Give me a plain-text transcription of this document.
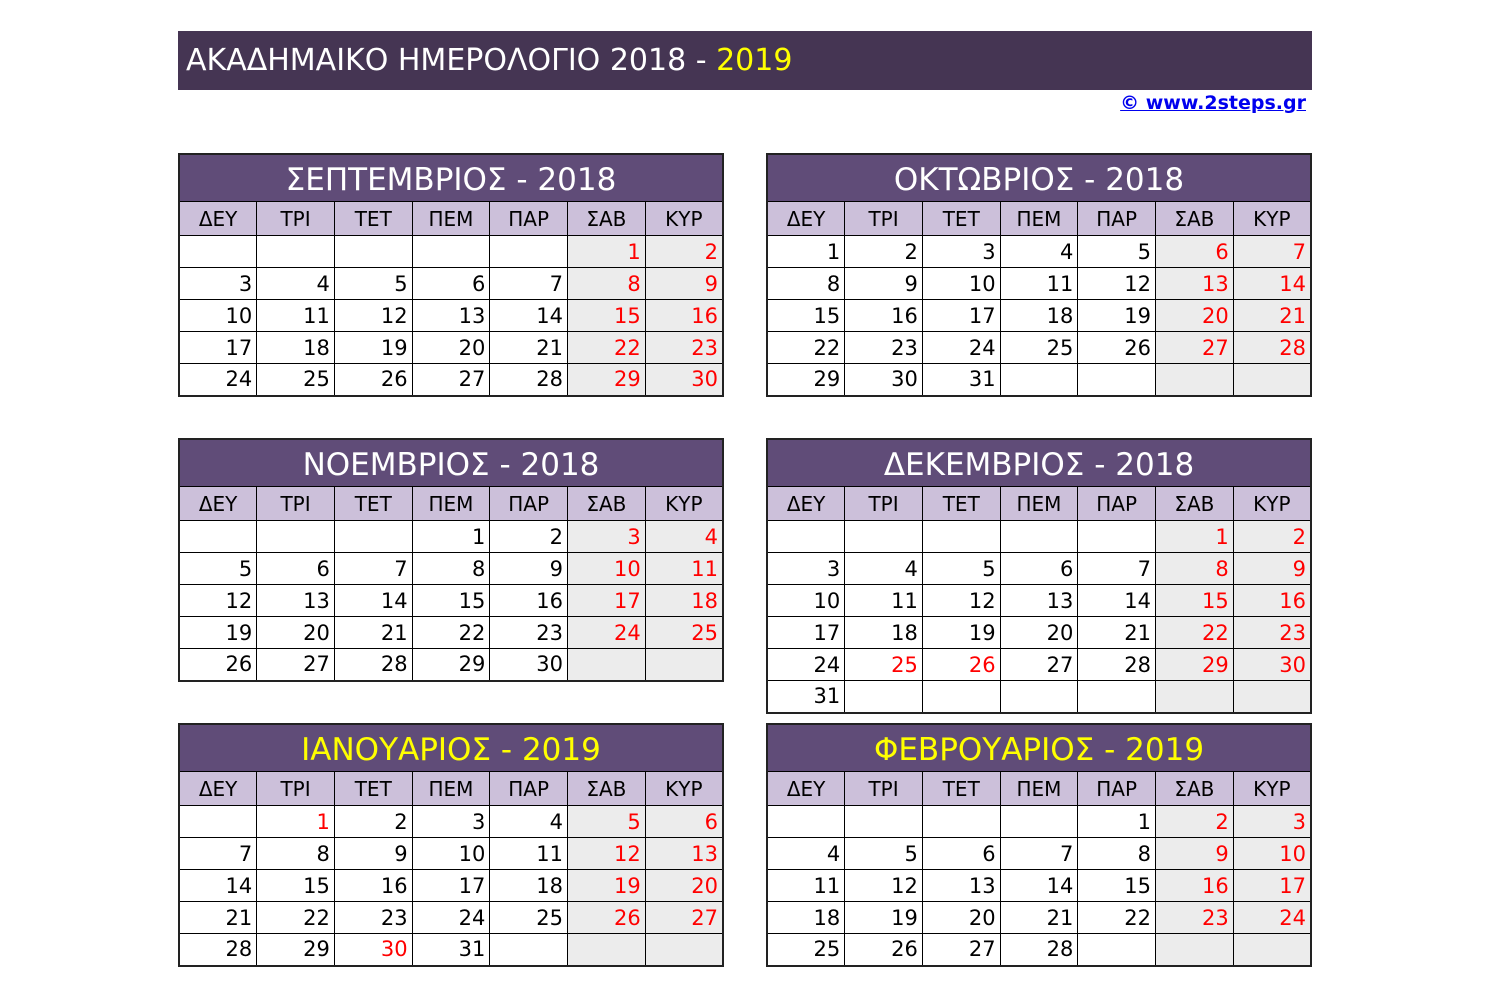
ΑΚΑΔΗΜΑΙΚΟ ΗΜΕΡΟΛΟΓΙΟ 2018 - 2019
© www.2steps.gr
ΣΕΠΤΕΜΒΡΙΟΣ - 2018
ΔΕΥ	ΤΡΙ	ΤΕΤ	ΠΕΜ	ΠΑΡ	ΣΑΒ	ΚΥΡ
					1	2
3	4	5	6	7	8	9
10	11	12	13	14	15	16
17	18	19	20	21	22	23
24	25	26	27	28	29	30
ΟΚΤΩΒΡΙΟΣ - 2018
ΔΕΥ	ΤΡΙ	ΤΕΤ	ΠΕΜ	ΠΑΡ	ΣΑΒ	ΚΥΡ
1	2	3	4	5	6	7
8	9	10	11	12	13	14
15	16	17	18	19	20	21
22	23	24	25	26	27	28
29	30	31				
ΝΟΕΜΒΡΙΟΣ - 2018
ΔΕΥ	ΤΡΙ	ΤΕΤ	ΠΕΜ	ΠΑΡ	ΣΑΒ	ΚΥΡ
			1	2	3	4
5	6	7	8	9	10	11
12	13	14	15	16	17	18
19	20	21	22	23	24	25
26	27	28	29	30		
ΔΕΚΕΜΒΡΙΟΣ - 2018
ΔΕΥ	ΤΡΙ	ΤΕΤ	ΠΕΜ	ΠΑΡ	ΣΑΒ	ΚΥΡ
					1	2
3	4	5	6	7	8	9
10	11	12	13	14	15	16
17	18	19	20	21	22	23
24	25	26	27	28	29	30
31						
ΙΑΝΟΥΑΡΙΟΣ - 2019
ΔΕΥ	ΤΡΙ	ΤΕΤ	ΠΕΜ	ΠΑΡ	ΣΑΒ	ΚΥΡ
	1	2	3	4	5	6
7	8	9	10	11	12	13
14	15	16	17	18	19	20
21	22	23	24	25	26	27
28	29	30	31			
ΦΕΒΡΟΥΑΡΙΟΣ - 2019
ΔΕΥ	ΤΡΙ	ΤΕΤ	ΠΕΜ	ΠΑΡ	ΣΑΒ	ΚΥΡ
				1	2	3
4	5	6	7	8	9	10
11	12	13	14	15	16	17
18	19	20	21	22	23	24
25	26	27	28			
